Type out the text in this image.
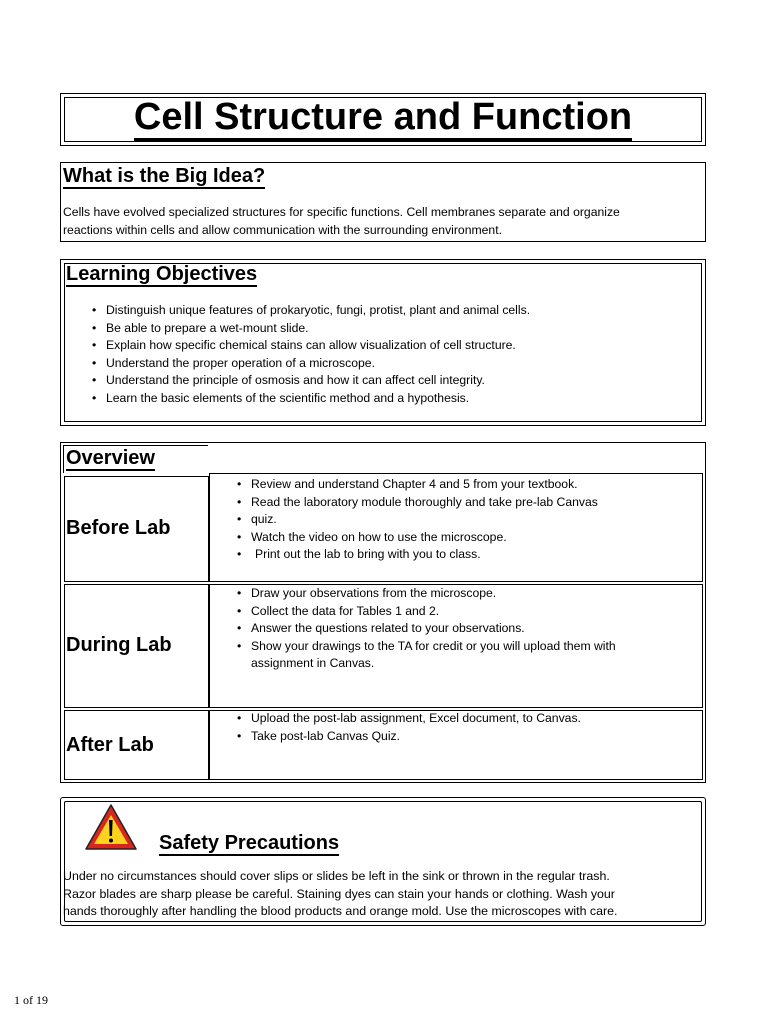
Cell Structure and Function
What is the Big Idea?
Cells have evolved specialized structures for specific functions. Cell membranes separate and organize
reactions within cells and allow communication with the surrounding environment.
Learning Objectives
• Distinguish unique features of prokaryotic, fungi, protist, plant and animal cells.
• Be able to prepare a wet-mount slide.
• Explain how specific chemical stains can allow visualization of cell structure.
• Understand the proper operation of a microscope.
• Understand the principle of osmosis and how it can affect cell integrity.
• Learn the basic elements of the scientific method and a hypothesis.
Overview
Before Lab
• Review and understand Chapter 4 and 5 from your textbook.
• Read the laboratory module thoroughly and take pre-lab Canvas
• quiz.
• Watch the video on how to use the microscope.
• Print out the lab to bring with you to class.
During Lab
• Draw your observations from the microscope.
• Collect the data for Tables 1 and 2.
• Answer the questions related to your observations.
• Show your drawings to the TA for credit or you will upload them with
assignment in Canvas.
After Lab
• Upload the post-lab assignment, Excel document, to Canvas.
• Take post-lab Canvas Quiz.
Safety Precautions
Under no circumstances should cover slips or slides be left in the sink or thrown in the regular trash.
Razor blades are sharp please be careful. Staining dyes can stain your hands or clothing. Wash your
hands thoroughly after handling the blood products and orange mold. Use the microscopes with care.
1 of 19
